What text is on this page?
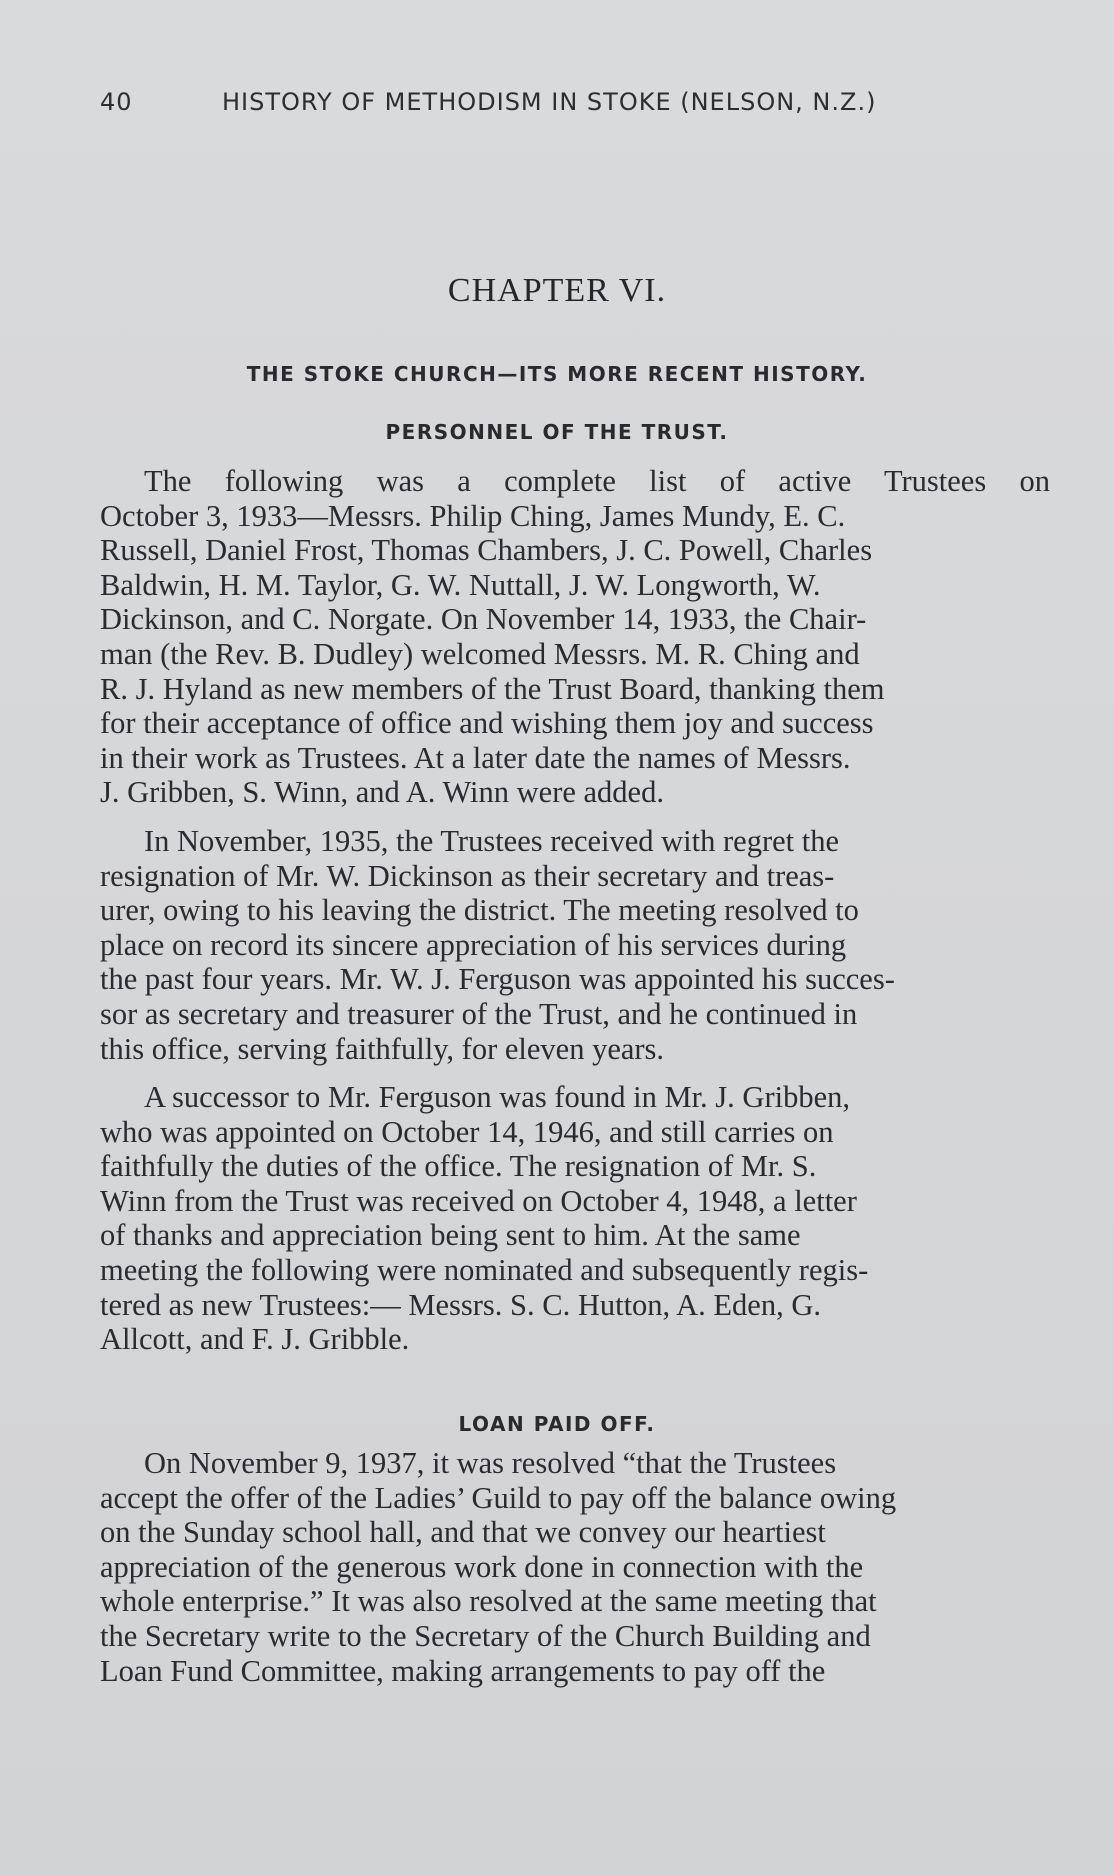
40	HISTORY OF METHODISM IN STOKE (NELSON, N.Z.)
CHAPTER VI.
THE STOKE CHURCH—ITS MORE RECENT HISTORY.
PERSONNEL OF THE TRUST.
The following was a complete list of active Trustees on
October 3, 1933—Messrs. Philip Ching, James Mundy, E. C.
Russell, Daniel Frost, Thomas Chambers, J. C. Powell, Charles
Baldwin, H. M. Taylor, G. W. Nuttall, J. W. Longworth, W.
Dickinson, and C. Norgate. On November 14, 1933, the Chair-
man (the Rev. B. Dudley) welcomed Messrs. M. R. Ching and
R. J. Hyland as new members of the Trust Board, thanking them
for their acceptance of office and wishing them joy and success
in their work as Trustees. At a later date the names of Messrs.
J. Gribben, S. Winn, and A. Winn were added.
In November, 1935, the Trustees received with regret the
resignation of Mr. W. Dickinson as their secretary and treas-
urer, owing to his leaving the district. The meeting resolved to
place on record its sincere appreciation of his services during
the past four years. Mr. W. J. Ferguson was appointed his succes-
sor as secretary and treasurer of the Trust, and he continued in
this office, serving faithfully, for eleven years.
A successor to Mr. Ferguson was found in Mr. J. Gribben,
who was appointed on October 14, 1946, and still carries on
faithfully the duties of the office. The resignation of Mr. S.
Winn from the Trust was received on October 4, 1948, a letter
of thanks and appreciation being sent to him. At the same
meeting the following were nominated and subsequently regis-
tered as new Trustees:— Messrs. S. C. Hutton, A. Eden, G.
Allcott, and F. J. Gribble.
LOAN PAID OFF.
On November 9, 1937, it was resolved “that the Trustees
accept the offer of the Ladies’ Guild to pay off the balance owing
on the Sunday school hall, and that we convey our heartiest
appreciation of the generous work done in connection with the
whole enterprise.” It was also resolved at the same meeting that
the Secretary write to the Secretary of the Church Building and
Loan Fund Committee, making arrangements to pay off the
